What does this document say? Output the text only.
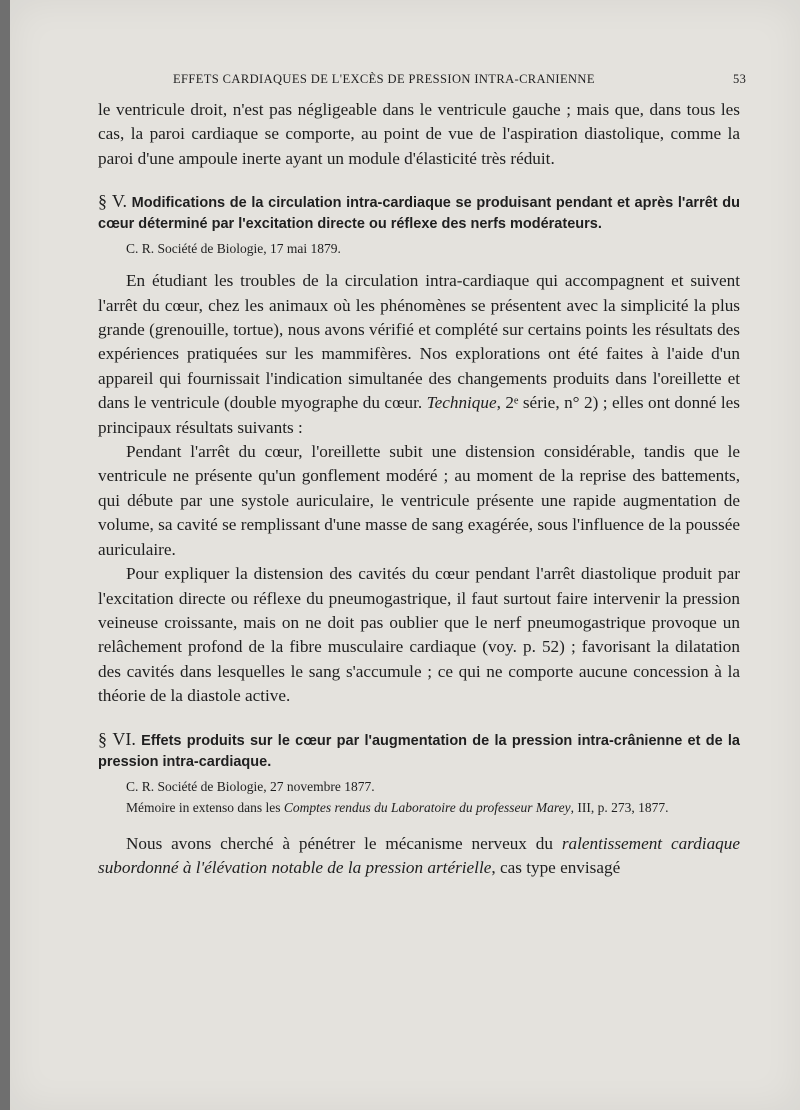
EFFETS CARDIAQUES DE L'EXCÈS DE PRESSION INTRA-CRANIENNE	53

le ventricule droit, n'est pas négligeable dans le ventricule gauche ; mais que, dans tous les cas, la paroi cardiaque se comporte, au point de vue de l'aspiration diastolique, comme la paroi d'une ampoule inerte ayant un module d'élasticité très réduit.

§ V. Modifications de la circulation intra-cardiaque se produisant pendant et après l'arrêt du cœur déterminé par l'excitation directe ou réflexe des nerfs modérateurs.

C. R. Société de Biologie, 17 mai 1879.

En étudiant les troubles de la circulation intra-cardiaque qui accompagnent et suivent l'arrêt du cœur, chez les animaux où les phénomènes se présentent avec la simplicité la plus grande (grenouille, tortue), nous avons vérifié et complété sur certains points les résultats des expériences pratiquées sur les mammifères. Nos explorations ont été faites à l'aide d'un appareil qui fournissait l'indication simultanée des changements produits dans l'oreillette et dans le ventricule (double myographe du cœur. Technique, 2ᵉ série, n° 2) ; elles ont donné les principaux résultats suivants :

Pendant l'arrêt du cœur, l'oreillette subit une distension considérable, tandis que le ventricule ne présente qu'un gonflement modéré ; au moment de la reprise des battements, qui débute par une systole auriculaire, le ventricule présente une rapide augmentation de volume, sa cavité se remplissant d'une masse de sang exagérée, sous l'influence de la poussée auriculaire.

Pour expliquer la distension des cavités du cœur pendant l'arrêt diastolique produit par l'excitation directe ou réflexe du pneumogastrique, il faut surtout faire intervenir la pression veineuse croissante, mais on ne doit pas oublier que le nerf pneumogastrique provoque un relâchement profond de la fibre musculaire cardiaque (voy. p. 52) ; favorisant la dilatation des cavités dans lesquelles le sang s'accumule ; ce qui ne comporte aucune concession à la théorie de la diastole active.

§ VI. Effets produits sur le cœur par l'augmentation de la pression intra-crânienne et de la pression intra-cardiaque.

C. R. Société de Biologie, 27 novembre 1877.

Mémoire in extenso dans les Comptes rendus du Laboratoire du professeur Marey, III, p. 273, 1877.

Nous avons cherché à pénétrer le mécanisme nerveux du ralentissement cardiaque subordonné à l'élévation notable de la pression artérielle, cas type envisagé
